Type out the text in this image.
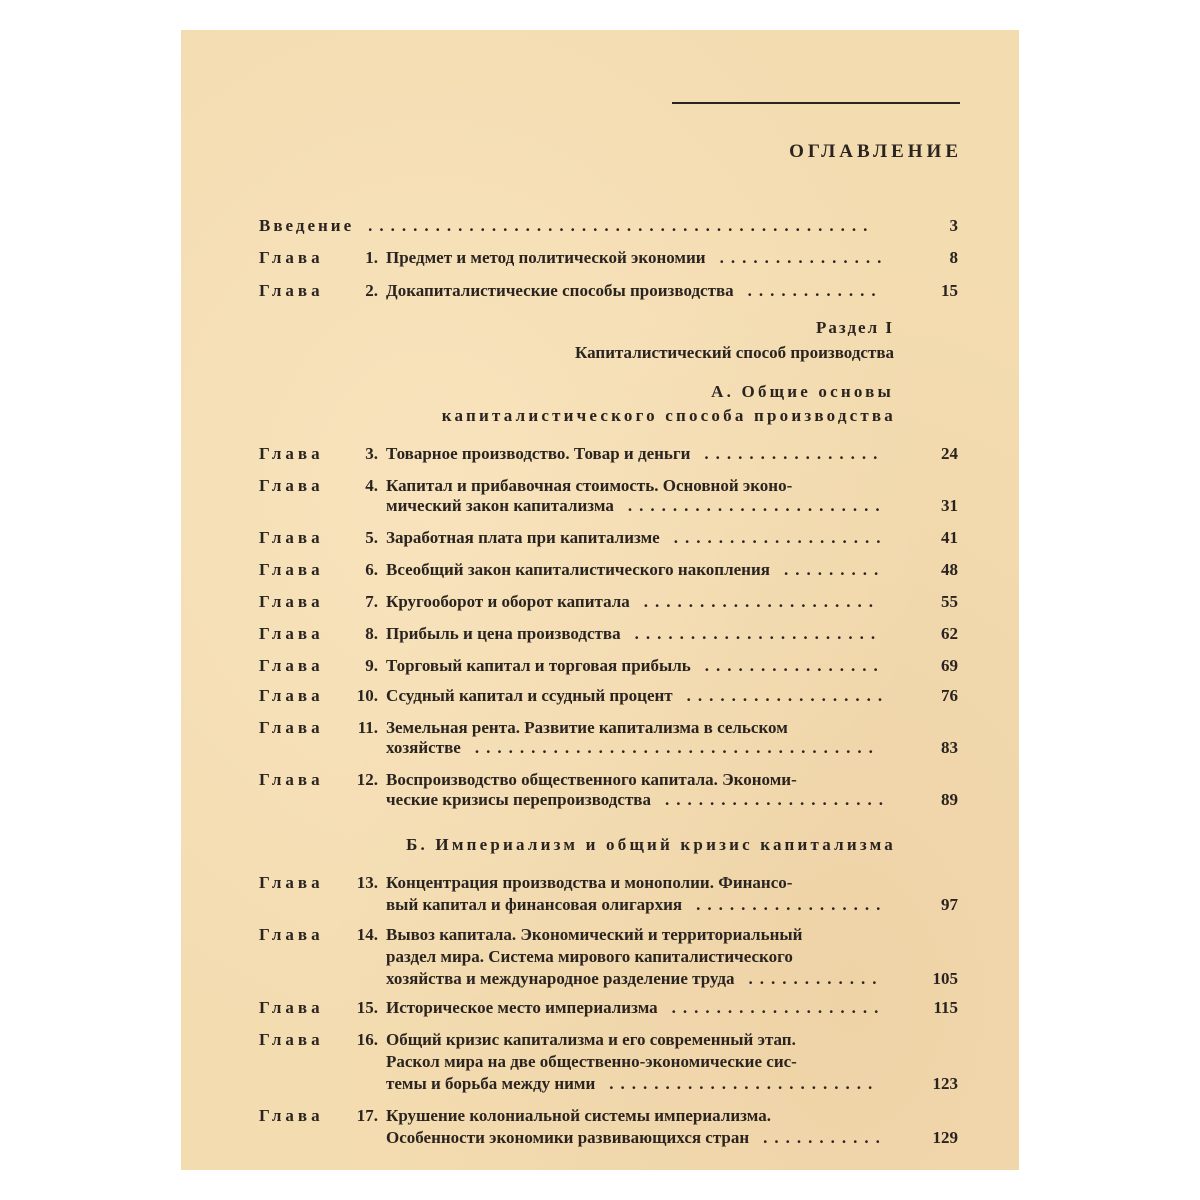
ОГЛАВЛЕНИЕ
Введение .............................................	3
Глава	1. Предмет и метод политической экономии ...............	8
Глава	2. Докапиталистические способы производства ............	15
Раздел I
Капиталистический способ производства
А. Общие основы
капиталистического способа производства
Глава	3. Товарное производство. Товар и деньги ................	24
Глава	4. Капитал и прибавочная стоимость. Основной эконо-
мический закон капитализма .......................	31
Глава	5. Заработная плата при капитализме ...................	41
Глава	6. Всеобщий закон капиталистического накопления .........	48
Глава	7. Кругооборот и оборот капитала .....................	55
Глава	8. Прибыль и цена производства ......................	62
Глава	9. Торговый капитал и торговая прибыль ................	69
Глава 10. Ссудный капитал и ссудный процент ..................	76
Глава 11. Земельная рента. Развитие капитализма в сельском
хозяйстве ....................................	83
Глава 12. Воспроизводство общественного капитала. Экономи-
ческие кризисы перепроизводства ....................	89
Б. Империализм и общий кризис капитализма
Глава 13. Концентрация производства и монополии. Финансо-
вый капитал и финансовая олигархия .................	97
Глава 14. Вывоз капитала. Экономический и территориальный
раздел мира. Система мирового капиталистического
хозяйства и международное разделение труда ............	105
Глава 15. Историческое место империализма ...................	115
Глава 16. Общий кризис капитализма и его современный этап.
Раскол мира на две общественно-экономические сис-
темы и борьба между ними ........................	123
Глава 17. Крушение колониальной системы империализма.
Особенности экономики развивающихся стран ...........	129
